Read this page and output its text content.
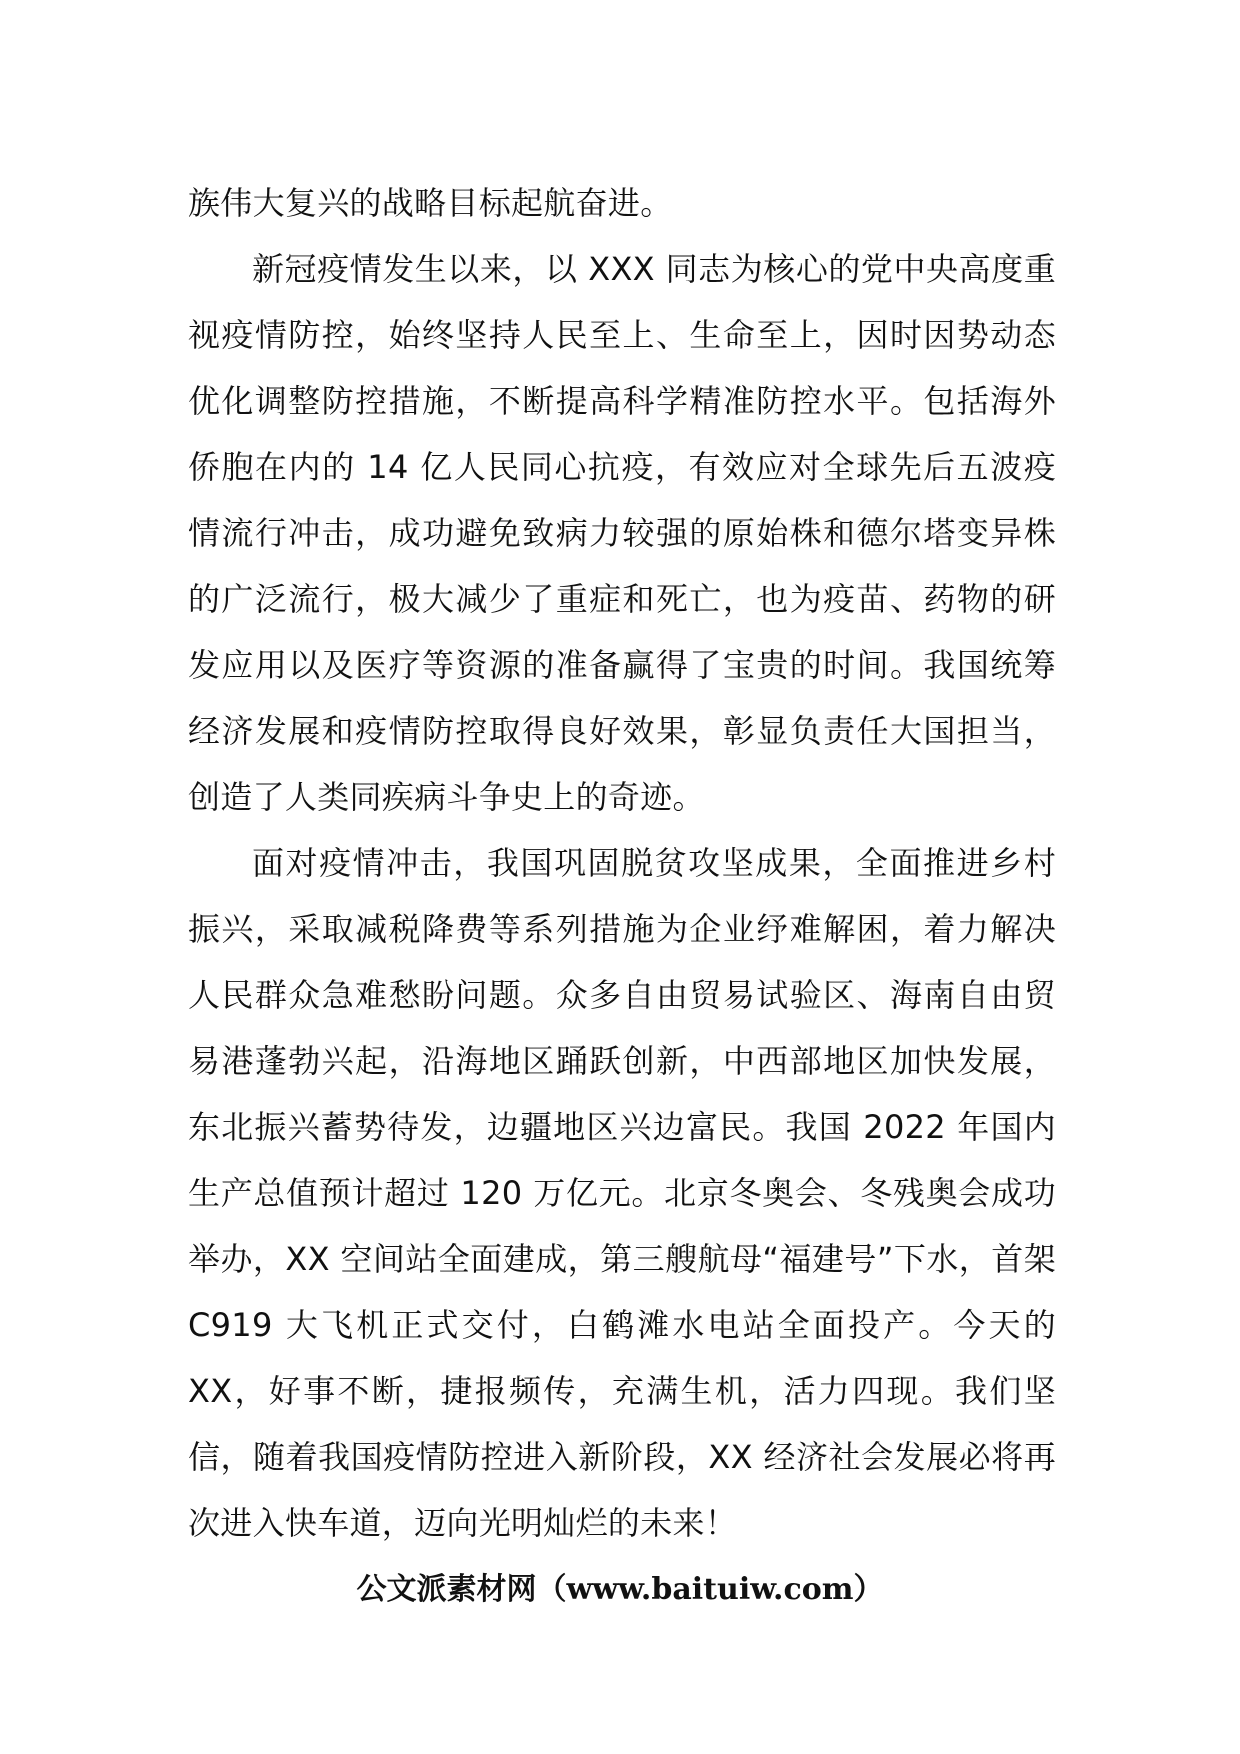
族伟大复兴的战略目标起航奋进。

新冠疫情发生以来，以 XXX 同志为核心的党中央高度重视疫情防控，始终坚持人民至上、生命至上，因时因势动态优化调整防控措施，不断提高科学精准防控水平。包括海外侨胞在内的 14 亿人民同心抗疫，有效应对全球先后五波疫情流行冲击，成功避免致病力较强的原始株和德尔塔变异株的广泛流行，极大减少了重症和死亡，也为疫苗、药物的研发应用以及医疗等资源的准备赢得了宝贵的时间。我国统筹经济发展和疫情防控取得良好效果，彰显负责任大国担当，创造了人类同疾病斗争史上的奇迹。

面对疫情冲击，我国巩固脱贫攻坚成果，全面推进乡村振兴，采取减税降费等系列措施为企业纾难解困，着力解决人民群众急难愁盼问题。众多自由贸易试验区、海南自由贸易港蓬勃兴起，沿海地区踊跃创新，中西部地区加快发展，东北振兴蓄势待发，边疆地区兴边富民。我国 2022 年国内生产总值预计超过 120 万亿元。北京冬奥会、冬残奥会成功举办，XX 空间站全面建成，第三艘航母“福建号”下水，首架 C919 大飞机正式交付，白鹤滩水电站全面投产。今天的 XX，好事不断，捷报频传，充满生机，活力四现。我们坚信，随着我国疫情防控进入新阶段，XX 经济社会发展必将再次进入快车道，迈向光明灿烂的未来！

公文派素材网（www.baituiw.com）
